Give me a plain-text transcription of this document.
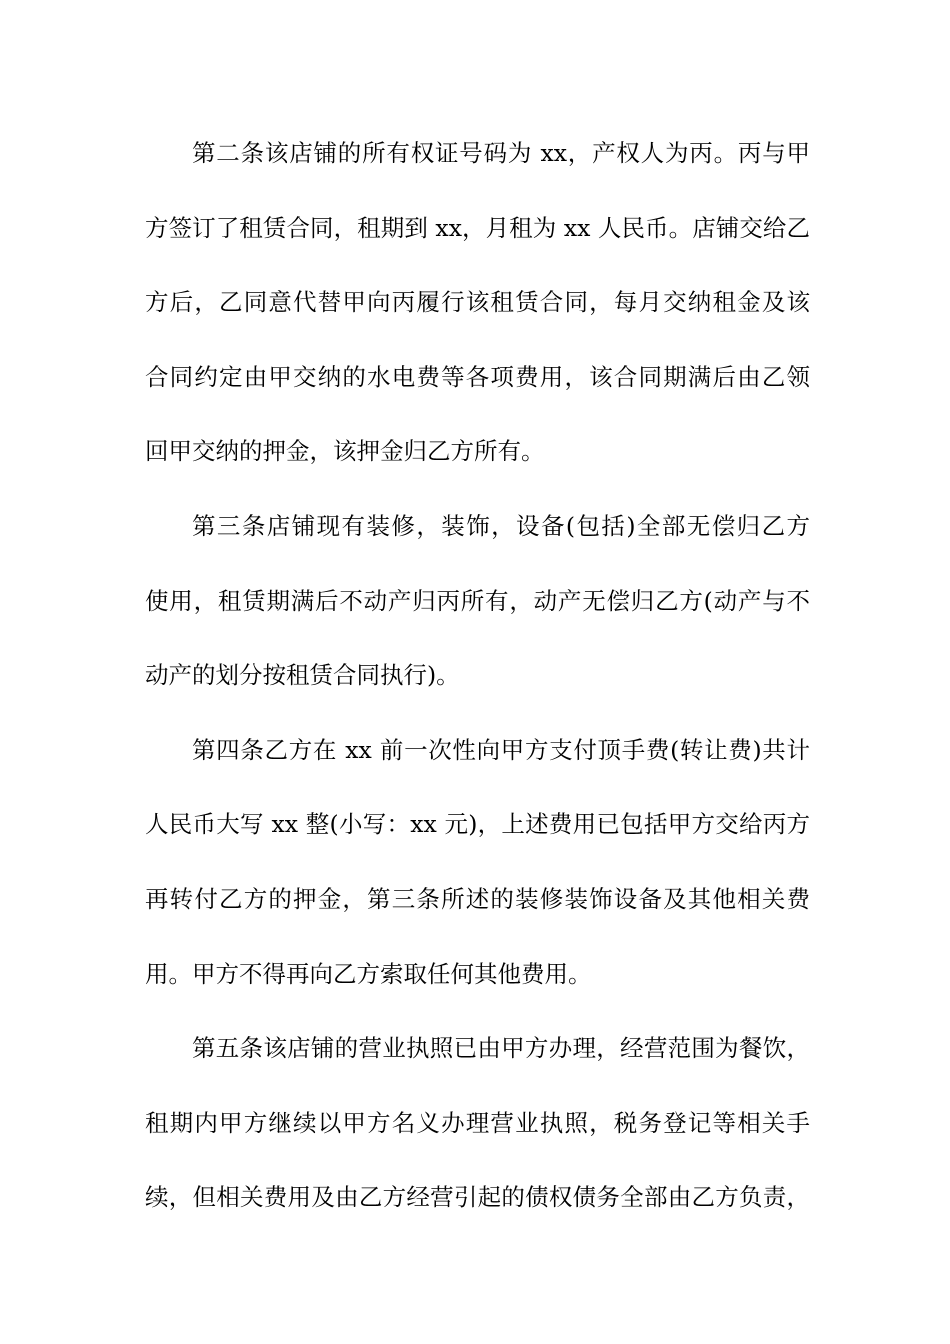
第二条该店铺的所有权证号码为 xx，产权人为丙。丙与甲
方签订了租赁合同，租期到 xx，月租为 xx 人民币。店铺交给乙
方后，乙同意代替甲向丙履行该租赁合同，每月交纳租金及该
合同约定由甲交纳的水电费等各项费用，该合同期满后由乙领
回甲交纳的押金，该押金归乙方所有。
第三条店铺现有装修，装饰，设备(包括)全部无偿归乙方
使用，租赁期满后不动产归丙所有，动产无偿归乙方(动产与不
动产的划分按租赁合同执行)。
第四条乙方在 xx 前一次性向甲方支付顶手费(转让费)共计
人民币大写 xx 整(小写：xx 元)，上述费用已包括甲方交给丙方
再转付乙方的押金，第三条所述的装修装饰设备及其他相关费
用。甲方不得再向乙方索取任何其他费用。
第五条该店铺的营业执照已由甲方办理，经营范围为餐饮，
租期内甲方继续以甲方名义办理营业执照，税务登记等相关手
续，但相关费用及由乙方经营引起的债权债务全部由乙方负责，
